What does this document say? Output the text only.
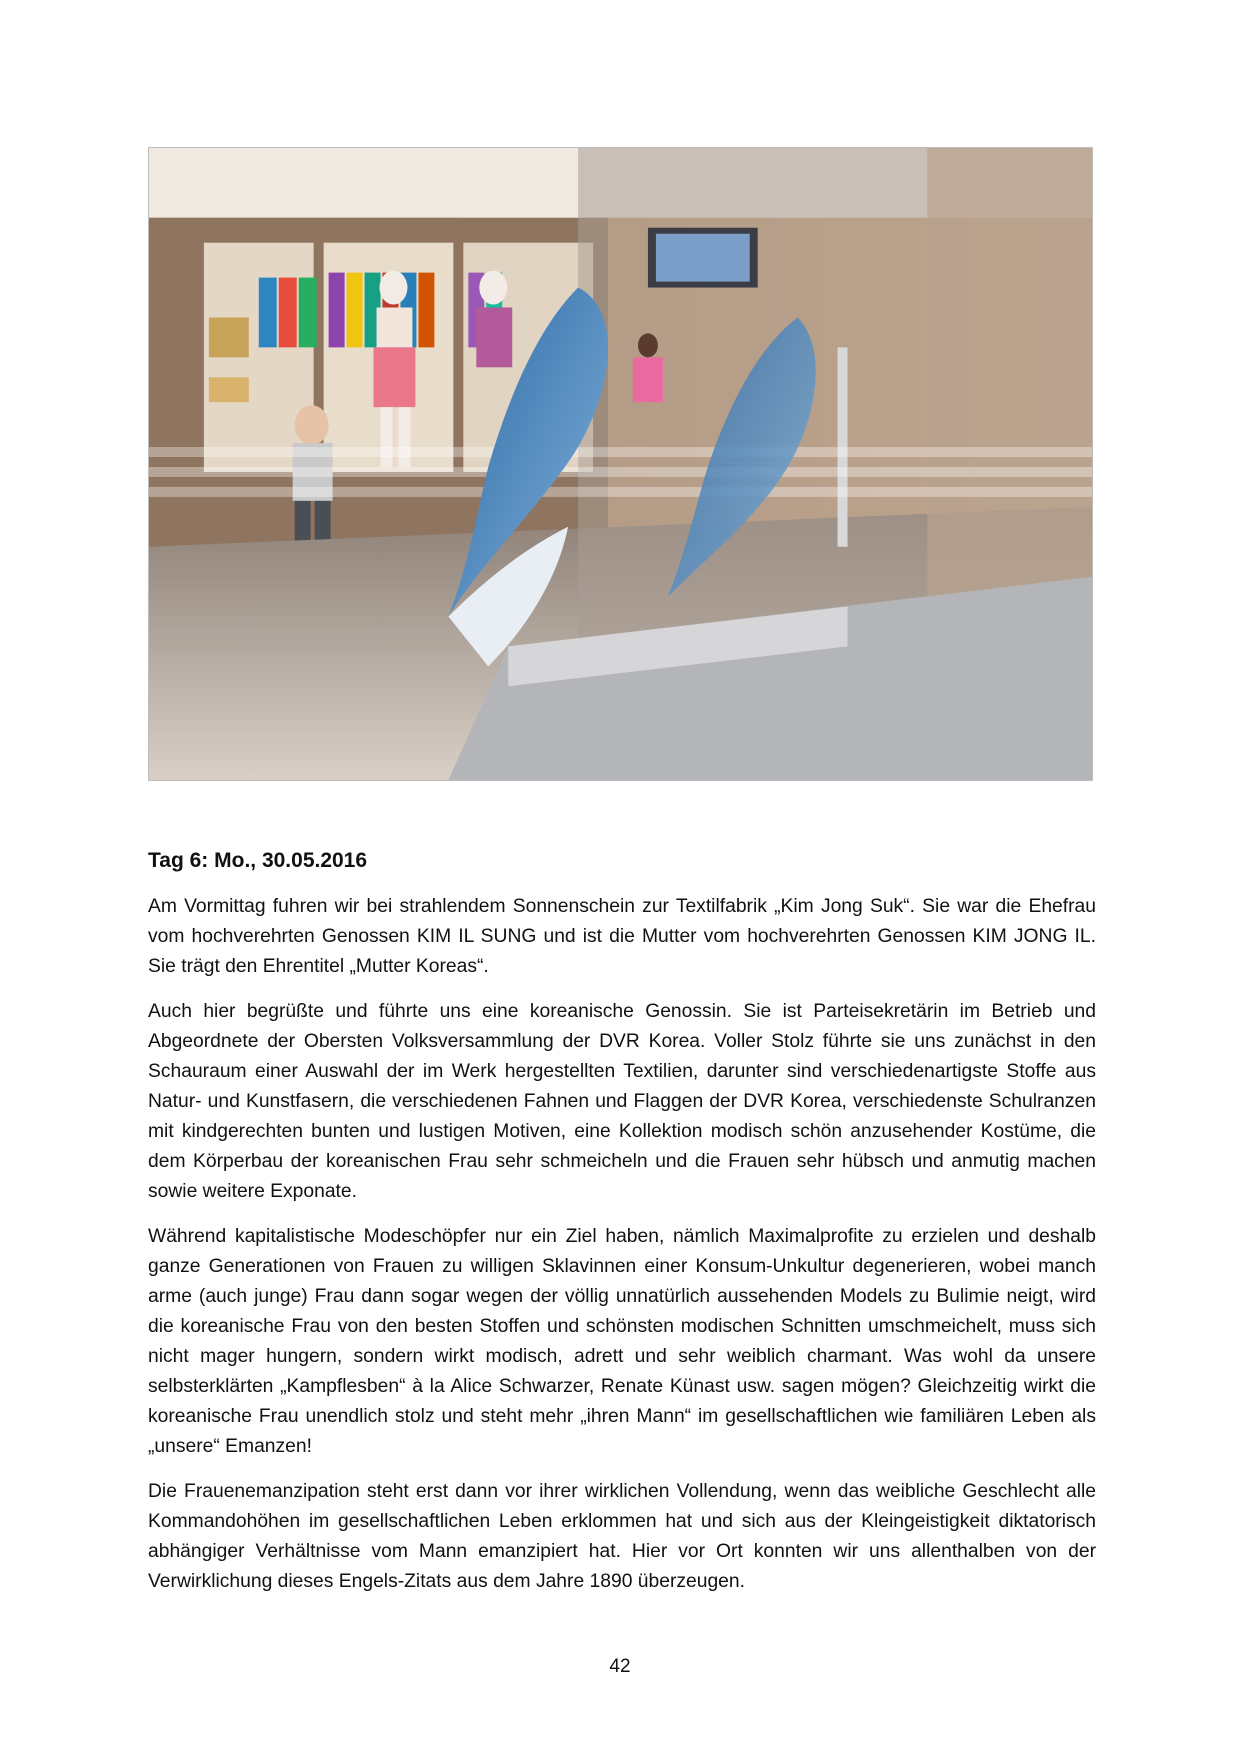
Tag 6: Mo., 30.05.2016

Am Vormittag fuhren wir bei strahlendem Sonnenschein zur Textilfabrik „Kim Jong Suk“. Sie war die Ehefrau vom hochverehrten Genossen KIM IL SUNG und ist die Mutter vom hochverehrten Genossen KIM JONG IL. Sie trägt den Ehrentitel „Mutter Koreas“.

Auch hier begrüßte und führte uns eine koreanische Genossin. Sie ist Parteisekretärin im Betrieb und Abgeordnete der Obersten Volksversammlung der DVR Korea. Voller Stolz führte sie uns zunächst in den Schauraum einer Auswahl der im Werk hergestellten Textilien, darunter sind verschiedenartigste Stoffe aus Natur- und Kunstfasern, die verschiedenen Fahnen und Flaggen der DVR Korea, verschiedenste Schulranzen mit kindgerechten bunten und lustigen Motiven, eine Kollektion modisch schön anzusehender Kostüme, die dem Körperbau der koreanischen Frau sehr schmeicheln und die Frauen sehr hübsch und anmutig machen sowie weitere Exponate.

Während kapitalistische Modeschöpfer nur ein Ziel haben, nämlich Maximalprofite zu erzielen und deshalb ganze Generationen von Frauen zu willigen Sklavinnen einer Konsum-Unkultur degenerieren, wobei manch arme (auch junge) Frau dann sogar wegen der völlig unnatürlich aussehenden Models zu Bulimie neigt, wird die koreanische Frau von den besten Stoffen und schönsten modischen Schnitten umschmeichelt, muss sich nicht mager hungern, sondern wirkt modisch, adrett und sehr weiblich charmant. Was wohl da unsere selbsterklärten „Kampflesben“ à la Alice Schwarzer, Renate Künast usw. sagen mögen? Gleichzeitig wirkt die koreanische Frau unendlich stolz und steht mehr „ihren Mann“ im gesellschaftlichen wie familiären Leben als „unsere“ Emanzen!

Die Frauenemanzipation steht erst dann vor ihrer wirklichen Vollendung, wenn das weibliche Geschlecht alle Kommandohöhen im gesellschaftlichen Leben erklommen hat und sich aus der Kleingeistigkeit diktatorisch abhängiger Verhältnisse vom Mann emanzipiert hat. Hier vor Ort konnten wir uns allenthalben von der Verwirklichung dieses Engels-Zitats aus dem Jahre 1890 überzeugen.

42
